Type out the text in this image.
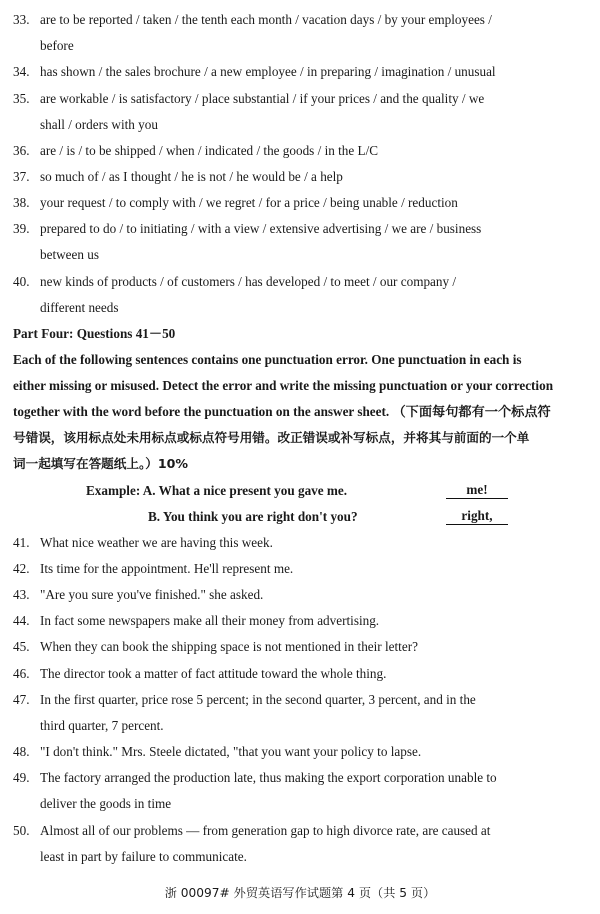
33. are to be reported / taken / the tenth each month / vacation days / by your employees /
before
34. has shown / the sales brochure / a new employee / in preparing / imagination / unusual
35. are workable / is satisfactory / place substantial / if your prices / and the quality / we
shall / orders with you
36. are / is / to be shipped / when / indicated / the goods / in the L/C
37. so much of / as I thought / he is not / he would be / a help
38. your request / to comply with / we regret / for a price / being unable / reduction
39. prepared to do / to initiating / with a view / extensive advertising / we are / business
between us
40. new kinds of products / of customers / has developed / to meet / our company /
different needs
Part Four: Questions 41－50
Each of the following sentences contains one punctuation error. One punctuation in each is
either missing or misused. Detect the error and write the missing punctuation or your correction
together with the word before the punctuation on the answer sheet. （下面每句都有一个标点符
号错误，该用标点处未用标点或标点符号用错。改正错误或补写标点，并将其与前面的一个单
词一起填写在答题纸上。）10%
Example: A. What a nice present you gave me.	me!
B. You think you are right don't you?	right,
41. What nice weather we are having this week.
42. Its time for the appointment. He'll represent me.
43. "Are you sure you've finished." she asked.
44. In fact some newspapers make all their money from advertising.
45. When they can book the shipping space is not mentioned in their letter?
46. The director took a matter of fact attitude toward the whole thing.
47. In the first quarter, price rose 5 percent; in the second quarter, 3 percent, and in the
third quarter, 7 percent.
48. "I don't think." Mrs. Steele dictated, "that you want your policy to lapse.
49. The factory arranged the production late, thus making the export corporation unable to
deliver the goods in time
50. Almost all of our problems — from generation gap to high divorce rate, are caused at
least in part by failure to communicate.
浙 00097# 外贸英语写作试题第 4 页（共 5 页）
